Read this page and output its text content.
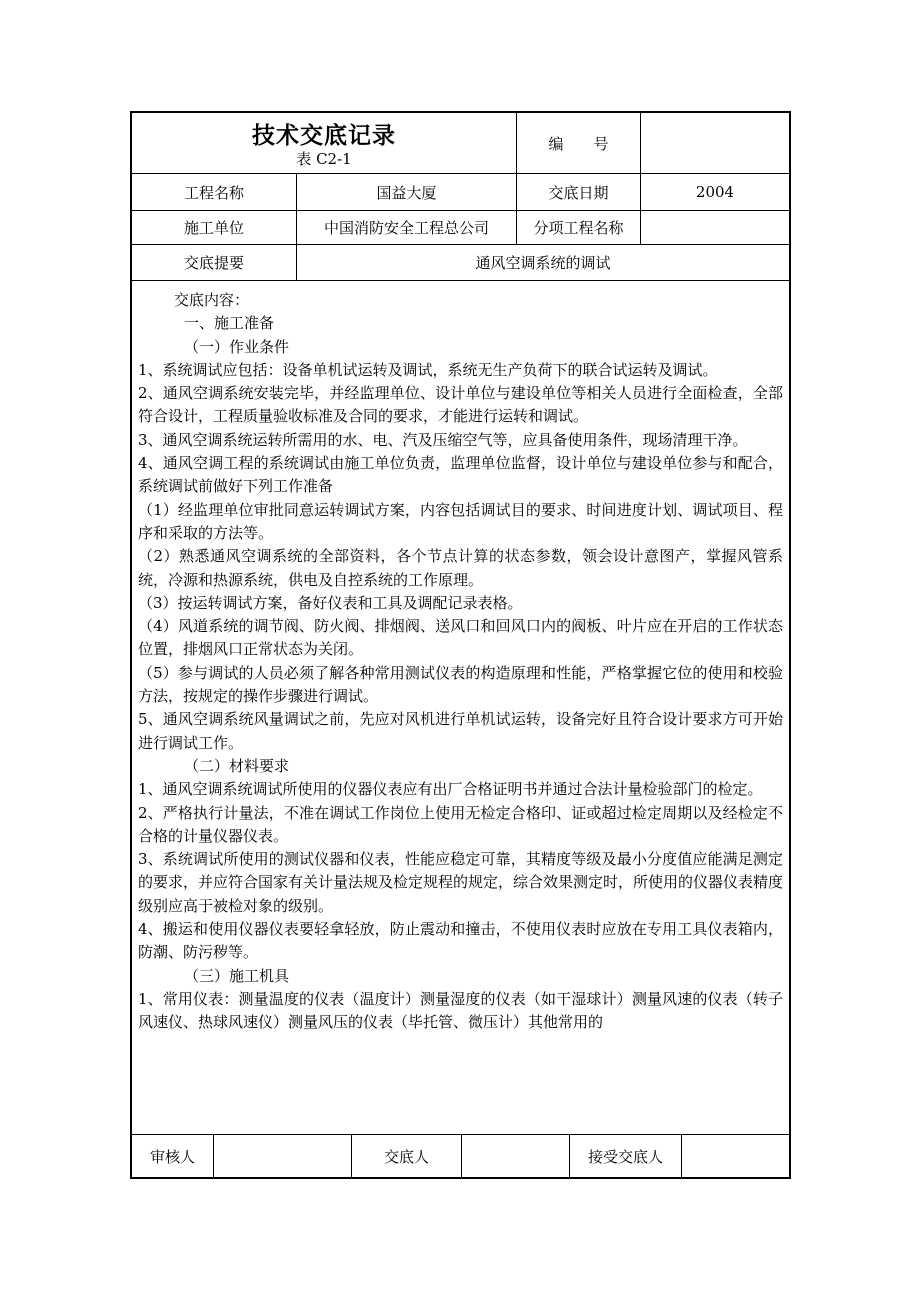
技术交底记录
表 C2-1
编　　号
工程名称	国益大厦	交底日期	2004
施工单位	中国消防安全工程总公司	分项工程名称
交底提要	通风空调系统的调试

交底内容：

一、施工准备

（一）作业条件

1、系统调试应包括：设备单机试运转及调试，系统无生产负荷下的联合试运转及调试。

2、通风空调系统安装完毕，并经监理单位、设计单位与建设单位等相关人员进行全面检查，全部符合设计，工程质量验收标准及合同的要求，才能进行运转和调试。

3、通风空调系统运转所需用的水、电、汽及压缩空气等，应具备使用条件，现场清理干净。

4、通风空调工程的系统调试由施工单位负责，监理单位监督，设计单位与建设单位参与和配合，系统调试前做好下列工作准备

（1）经监理单位审批同意运转调试方案，内容包括调试目的要求、时间进度计划、调试项目、程序和采取的方法等。

（2）熟悉通风空调系统的全部资料，各个节点计算的状态参数，领会设计意图产，掌握风管系统，冷源和热源系统，供电及自控系统的工作原理。

（3）按运转调试方案，备好仪表和工具及调配记录表格。

（4）风道系统的调节阀、防火阀、排烟阀、送风口和回风口内的阀板、叶片应在开启的工作状态位置，排烟风口正常状态为关闭。

（5）参与调试的人员必须了解各种常用测试仪表的构造原理和性能，严格掌握它位的使用和校验方法，按规定的操作步骤进行调试。

5、通风空调系统风量调试之前，先应对风机进行单机试运转，设备完好且符合设计要求方可开始进行调试工作。

（二）材料要求

1、通风空调系统调试所使用的仪器仪表应有出厂合格证明书并通过合法计量检验部门的检定。

2、严格执行计量法，不准在调试工作岗位上使用无检定合格印、证或超过检定周期以及经检定不合格的计量仪器仪表。

3、系统调试所使用的测试仪器和仪表，性能应稳定可靠，其精度等级及最小分度值应能满足测定的要求，并应符合国家有关计量法规及检定规程的规定，综合效果测定时，所使用的仪器仪表精度级别应高于被检对象的级别。

4、搬运和使用仪器仪表要轻拿轻放，防止震动和撞击，不使用仪表时应放在专用工具仪表箱内，防潮、防污秽等。

（三）施工机具

1、常用仪表：测量温度的仪表（温度计）测量湿度的仪表（如干湿球计）测量风速的仪表（转子风速仪、热球风速仪）测量风压的仪表（毕托管、微压计）其他常用的

审核人	交底人	接受交底人
